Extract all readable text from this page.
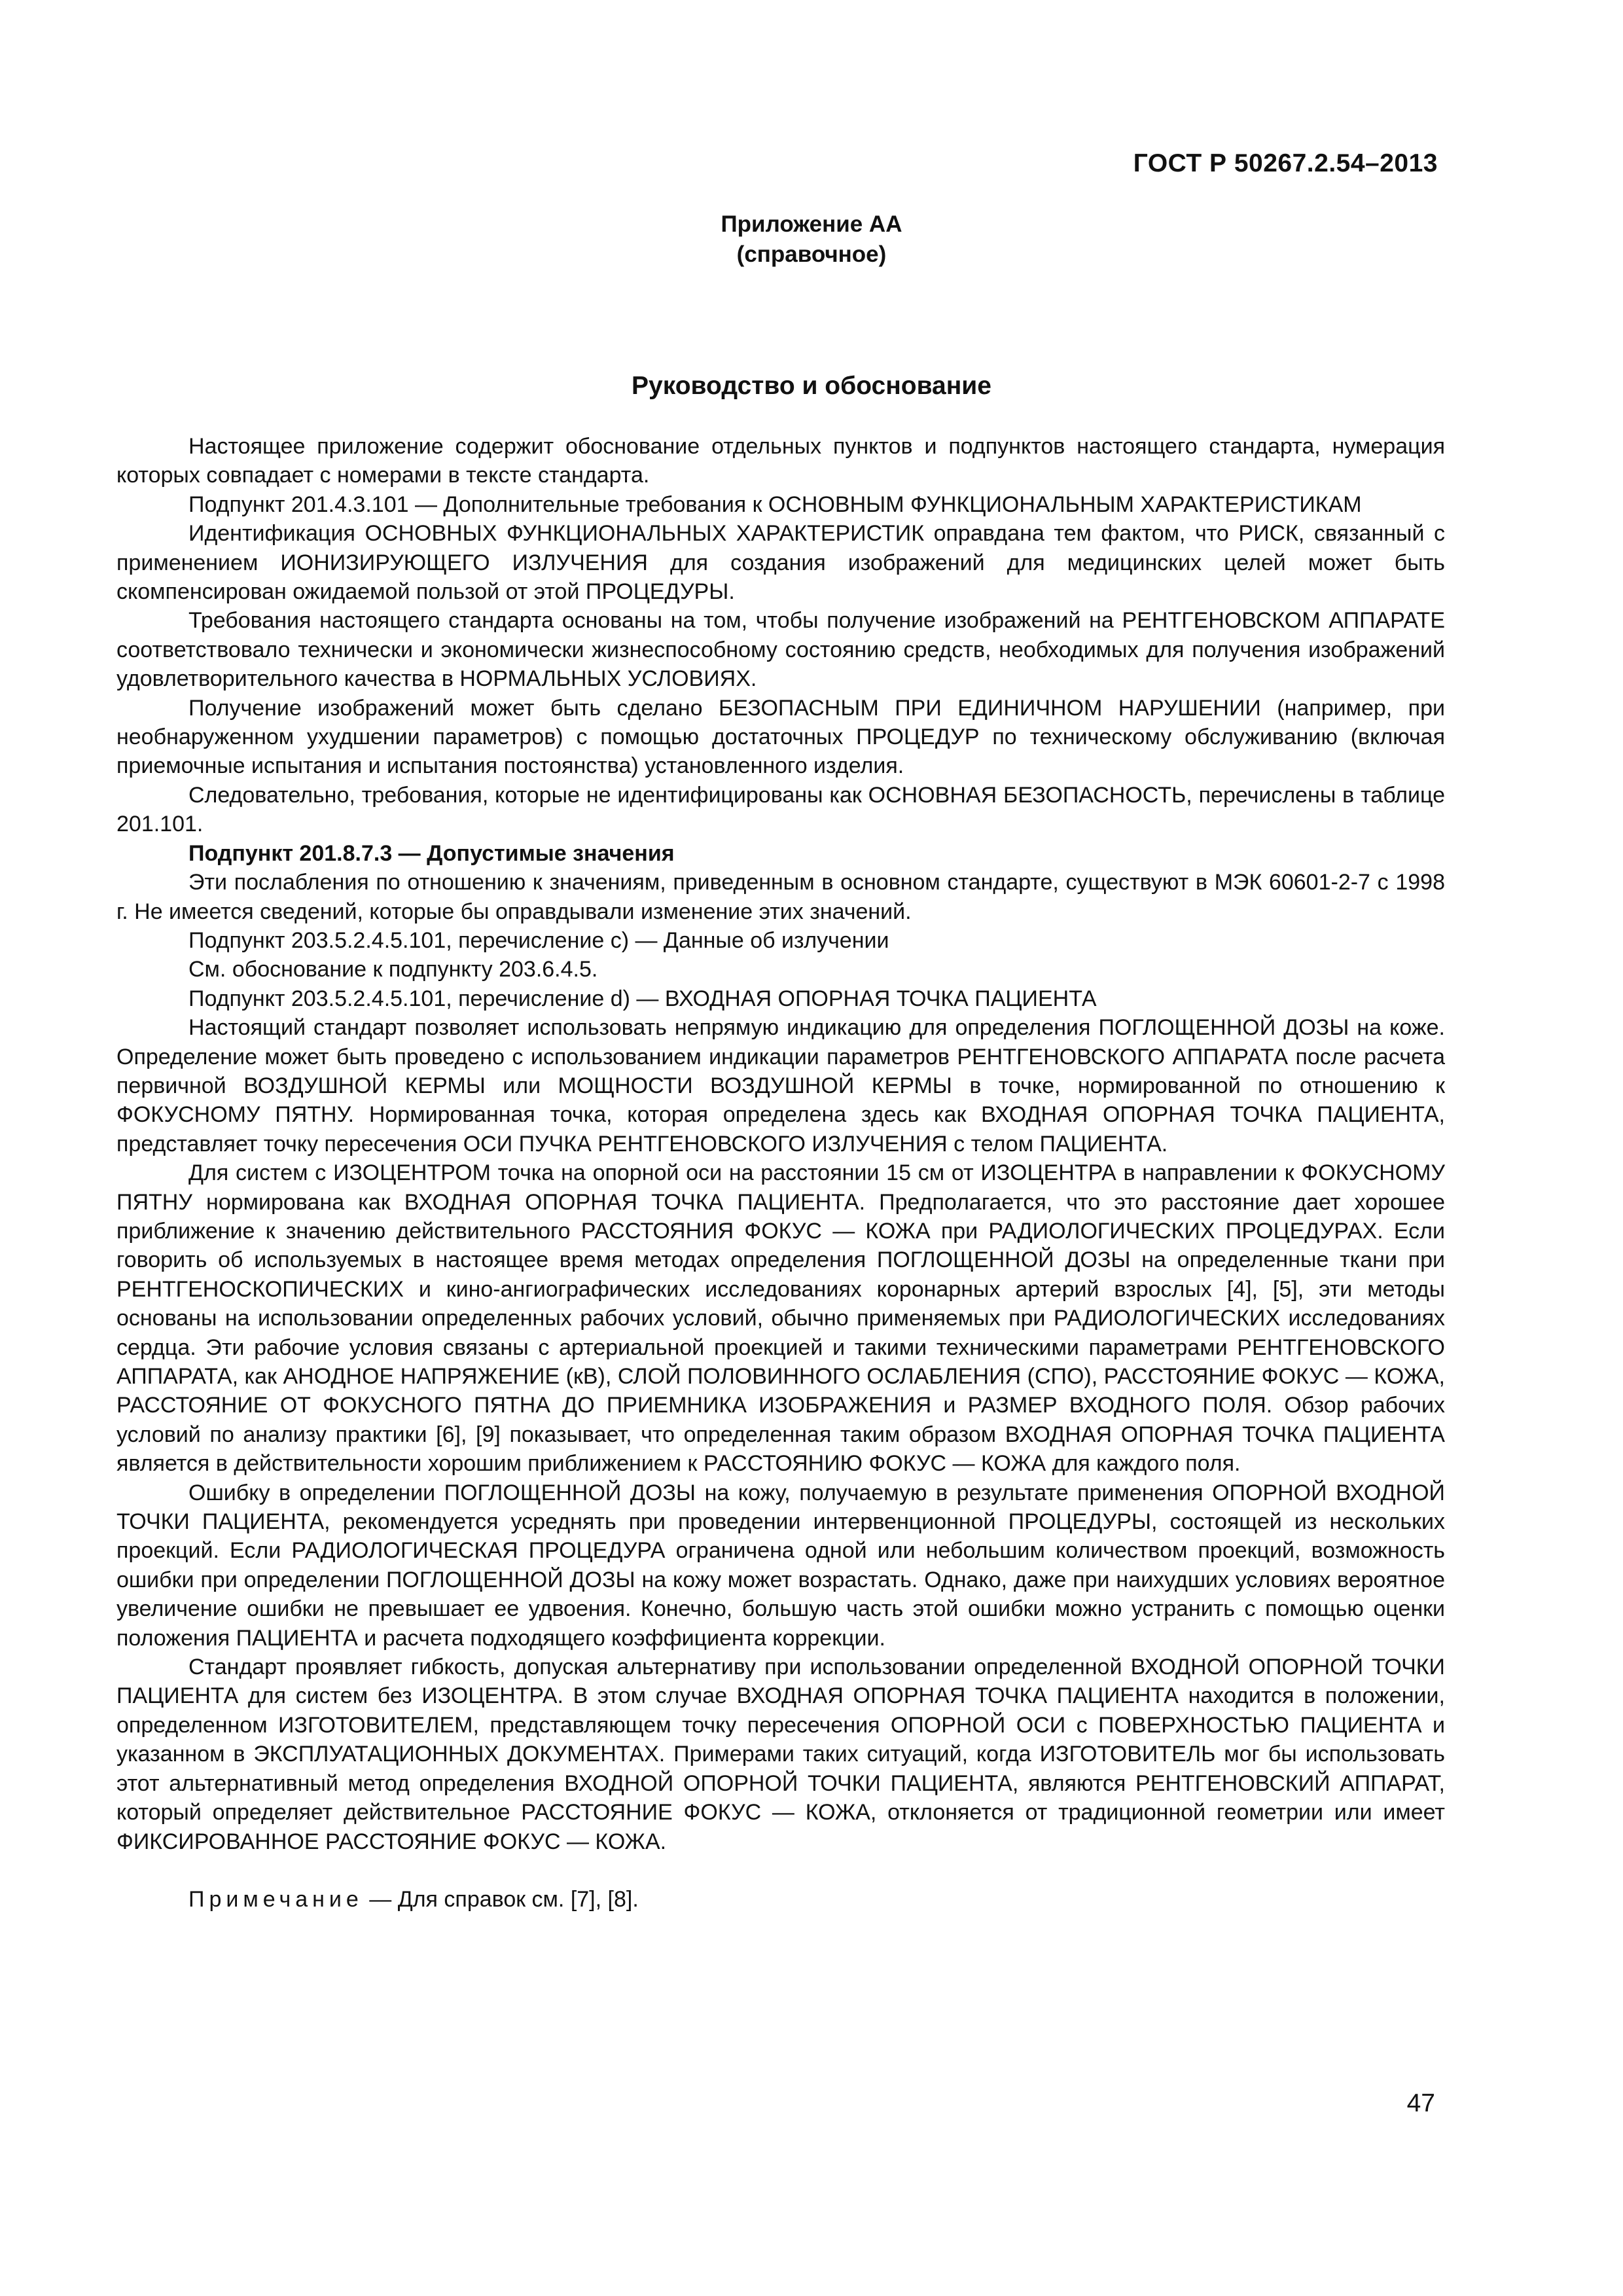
ГОСТ Р 50267.2.54–2013
Приложение АА
(справочное)
Руководство и обоснование

Настоящее приложение содержит обоснование отдельных пунктов и подпунктов настоящего стандарта, нумерация которых совпадает с номерами в тексте стандарта.

Подпункт 201.4.3.101 — Дополнительные требования к ОСНОВНЫМ ФУНКЦИОНАЛЬНЫМ ХАРАКТЕРИСТИКАМ

Идентификация ОСНОВНЫХ ФУНКЦИОНАЛЬНЫХ ХАРАКТЕРИСТИК оправдана тем фактом, что РИСК, связанный с применением ИОНИЗИРУЮЩЕГО ИЗЛУЧЕНИЯ для создания изображений для медицинских целей может быть скомпенсирован ожидаемой пользой от этой ПРОЦЕДУРЫ.

Требования настоящего стандарта основаны на том, чтобы получение изображений на РЕНТГЕНОВСКОМ АППАРАТЕ соответствовало технически и экономически жизнеспособному состоянию средств, необходимых для получения изображений удовлетворительного качества в НОРМАЛЬНЫХ УСЛОВИЯХ.

Получение изображений может быть сделано БЕЗОПАСНЫМ ПРИ ЕДИНИЧНОМ НАРУШЕНИИ (например, при необнаруженном ухудшении параметров) с помощью достаточных ПРОЦЕДУР по техническому обслуживанию (включая приемочные испытания и испытания постоянства) установленного изделия.

Следовательно, требования, которые не идентифицированы как ОСНОВНАЯ БЕЗОПАСНОСТЬ, перечислены в таблице 201.101.

Подпункт 201.8.7.3 — Допустимые значения

Эти послабления по отношению к значениям, приведенным в основном стандарте, существуют в МЭК 60601-2-7 с 1998 г. Не имеется сведений, которые бы оправдывали изменение этих значений.

Подпункт 203.5.2.4.5.101, перечисление с) — Данные об излучении

См. обоснование к подпункту 203.6.4.5.

Подпункт 203.5.2.4.5.101, перечисление d) — ВХОДНАЯ ОПОРНАЯ ТОЧКА ПАЦИЕНТА

Настоящий стандарт позволяет использовать непрямую индикацию для определения ПОГЛОЩЕННОЙ ДОЗЫ на коже. Определение может быть проведено с использованием индикации параметров РЕНТГЕНОВСКОГО АППАРАТА после расчета первичной ВОЗДУШНОЙ КЕРМЫ или МОЩНОСТИ ВОЗДУШНОЙ КЕРМЫ в точке, нормированной по отношению к ФОКУСНОМУ ПЯТНУ. Нормированная точка, которая определена здесь как ВХОДНАЯ ОПОРНАЯ ТОЧКА ПАЦИЕНТА, представляет точку пересечения ОСИ ПУЧКА РЕНТГЕНОВСКОГО ИЗЛУЧЕНИЯ с телом ПАЦИЕНТА.

Для систем с ИЗОЦЕНТРОМ точка на опорной оси на расстоянии 15 см от ИЗОЦЕНТРА в направлении к ФОКУСНОМУ ПЯТНУ нормирована как ВХОДНАЯ ОПОРНАЯ ТОЧКА ПАЦИЕНТА. Предполагается, что это расстояние дает хорошее приближение к значению действительного РАССТОЯНИЯ ФОКУС — КОЖА при РАДИОЛОГИЧЕСКИХ ПРОЦЕДУРАХ. Если говорить об используемых в настоящее время методах определения ПОГЛОЩЕННОЙ ДОЗЫ на определенные ткани при РЕНТГЕНОСКОПИЧЕСКИХ и кино-ангиографических исследованиях коронарных артерий взрослых [4], [5], эти методы основаны на использовании определенных рабочих условий, обычно применяемых при РАДИОЛОГИЧЕСКИХ исследованиях сердца. Эти рабочие условия связаны с артериальной проекцией и такими техническими параметрами РЕНТГЕНОВСКОГО АППАРАТА, как АНОДНОЕ НАПРЯЖЕНИЕ (кВ), СЛОЙ ПОЛОВИННОГО ОСЛАБЛЕНИЯ (СПО), РАССТОЯНИЕ ФОКУС — КОЖА, РАССТОЯНИЕ ОТ ФОКУСНОГО ПЯТНА ДО ПРИЕМНИКА ИЗОБРАЖЕНИЯ и РАЗМЕР ВХОДНОГО ПОЛЯ. Обзор рабочих условий по анализу практики [6], [9] показывает, что определенная таким образом ВХОДНАЯ ОПОРНАЯ ТОЧКА ПАЦИЕНТА является в действительности хорошим приближением к РАССТОЯНИЮ ФОКУС — КОЖА для каждого поля.

Ошибку в определении ПОГЛОЩЕННОЙ ДОЗЫ на кожу, получаемую в результате применения ОПОРНОЙ ВХОДНОЙ ТОЧКИ ПАЦИЕНТА, рекомендуется усреднять при проведении интервенционной ПРОЦЕДУРЫ, состоящей из нескольких проекций. Если РАДИОЛОГИЧЕСКАЯ ПРОЦЕДУРА ограничена одной или небольшим количеством проекций, возможность ошибки при определении ПОГЛОЩЕННОЙ ДОЗЫ на кожу может возрастать. Однако, даже при наихудших условиях вероятное увеличение ошибки не превышает ее удвоения. Конечно, большую часть этой ошибки можно устранить с помощью оценки положения ПАЦИЕНТА и расчета подходящего коэффициента коррекции.

Стандарт проявляет гибкость, допуская альтернативу при использовании определенной ВХОДНОЙ ОПОРНОЙ ТОЧКИ ПАЦИЕНТА для систем без ИЗОЦЕНТРА. В этом случае ВХОДНАЯ ОПОРНАЯ ТОЧКА ПАЦИЕНТА находится в положении, определенном ИЗГОТОВИТЕЛЕМ, представляющем точку пересечения ОПОРНОЙ ОСИ с ПОВЕРХНОСТЬЮ ПАЦИЕНТА и указанном в ЭКСПЛУАТАЦИОННЫХ ДОКУМЕНТАХ. Примерами таких ситуаций, когда ИЗГОТОВИТЕЛЬ мог бы использовать этот альтернативный метод определения ВХОДНОЙ ОПОРНОЙ ТОЧКИ ПАЦИЕНТА, являются РЕНТГЕНОВСКИЙ АППАРАТ, который определяет действительное РАССТОЯНИЕ ФОКУС — КОЖА, отклоняется от традиционной геометрии или имеет ФИКСИРОВАННОЕ РАССТОЯНИЕ ФОКУС — КОЖА.

Примечание — Для справок см. [7], [8].

47
